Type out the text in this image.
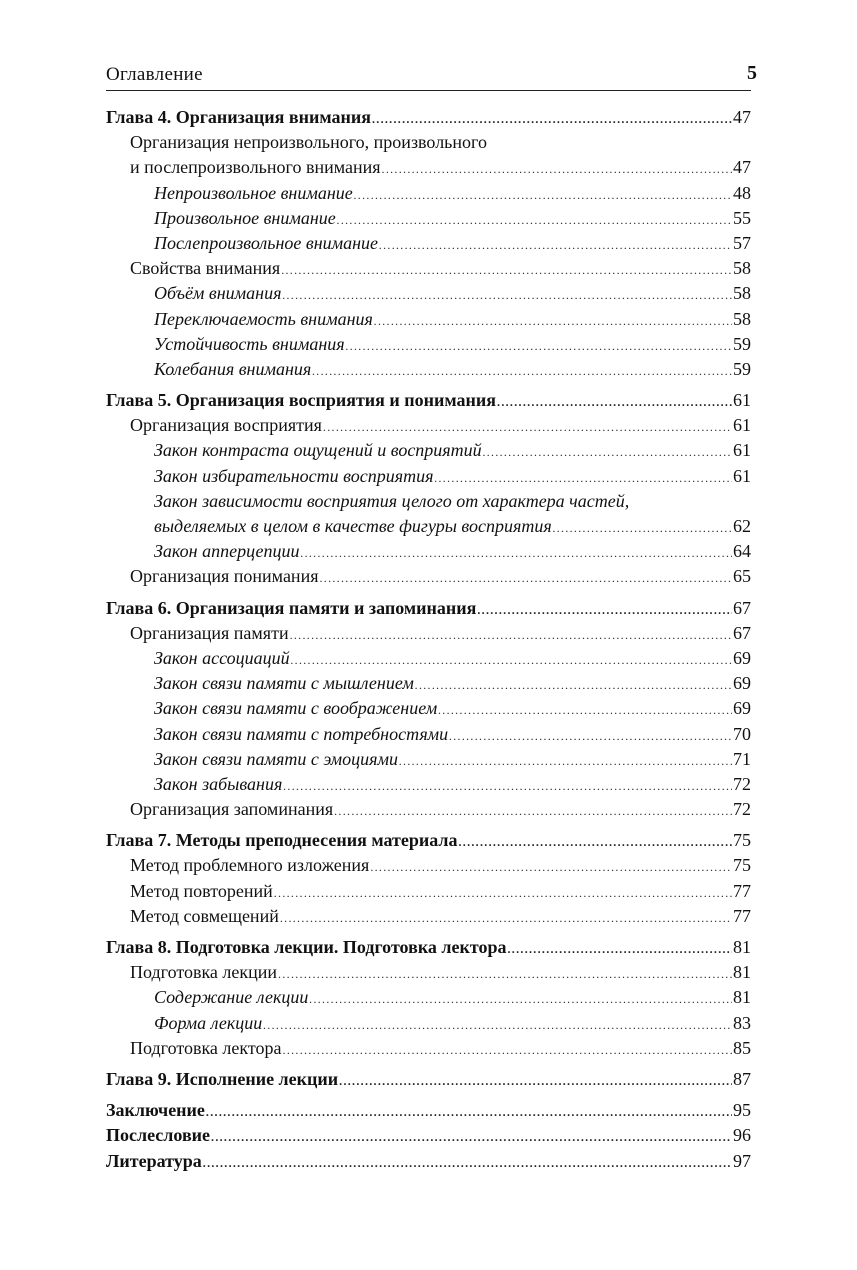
Оглавление	5
Глава 4. Организация внимания .....	47
Организация непроизвольного, произвольного
и послепроизвольного внимания .....	47
Непроизвольное внимание .....	48
Произвольное внимание .....	55
Послепроизвольное внимание .....	57
Свойства внимания .....	58
Объём внимания .....	58
Переключаемость внимания .....	58
Устойчивость внимания .....	59
Колебания внимания .....	59
Глава 5. Организация восприятия и понимания .....	61
Организация восприятия .....	61
Закон контраста ощущений и восприятий .....	61
Закон избирательности восприятия .....	61
Закон зависимости восприятия целого от характера частей,
выделяемых в целом в качестве фигуры восприятия .....	62
Закон апперцепции .....	64
Организация понимания .....	65
Глава 6. Организация памяти и запоминания .....	67
Организация памяти .....	67
Закон ассоциаций .....	69
Закон связи памяти с мышлением .....	69
Закон связи памяти с воображением .....	69
Закон связи памяти с потребностями .....	70
Закон связи памяти с эмоциями .....	71
Закон забывания .....	72
Организация запоминания .....	72
Глава 7. Методы преподнесения материала .....	75
Метод проблемного изложения .....	75
Метод повторений .....	77
Метод совмещений .....	77
Глава 8. Подготовка лекции. Подготовка лектора .....	81
Подготовка лекции .....	81
Содержание лекции .....	81
Форма лекции .....	83
Подготовка лектора .....	85
Глава 9. Исполнение лекции .....	87
Заключение .....	95
Послесловие .....	96
Литература .....	97
